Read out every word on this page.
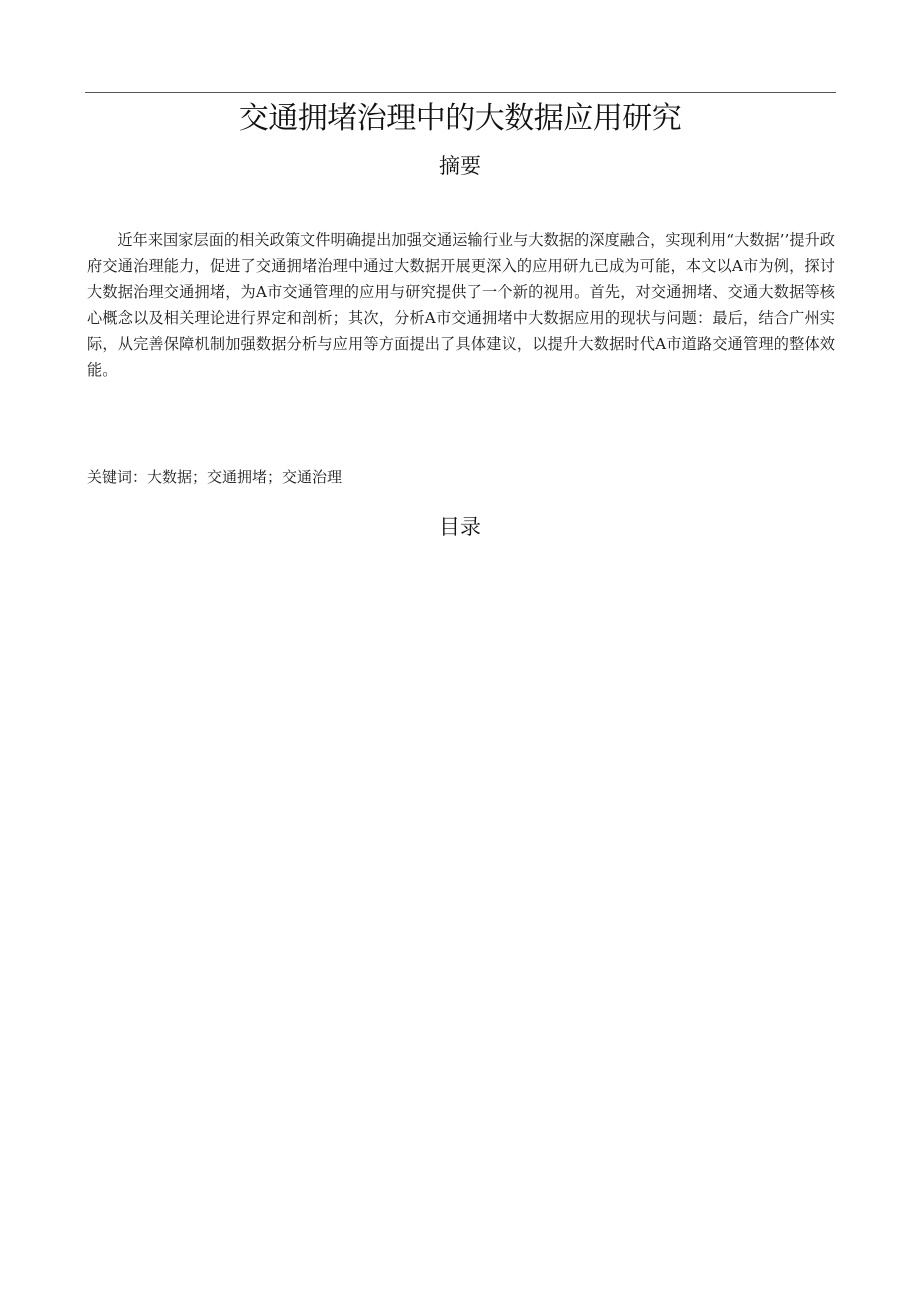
交通拥堵治理中的大数据应用研究
摘要

近年来国家层面的相关政策文件明确提出加强交通运输行业与大数据的深度融合，实现利用“大数据’’提升政府交通治理能力，促进了交通拥堵治理中通过大数据开展更深入的应用研九已成为可能，本文以A市为例，探讨大数据治理交通拥堵，为A市交通管理的应用与研究提供了一个新的视用。首先，对交通拥堵、交通大数据等核心概念以及相关理论进行界定和剖析；其次，分析A市交通拥堵中大数据应用的现状与问题：最后，结合广州实际，从完善保障机制加强数据分析与应用等方面提出了具体建议，以提升大数据时代A市道路交通管理的整体效能。

关键词：大数据；交通拥堵；交通治理
目录
